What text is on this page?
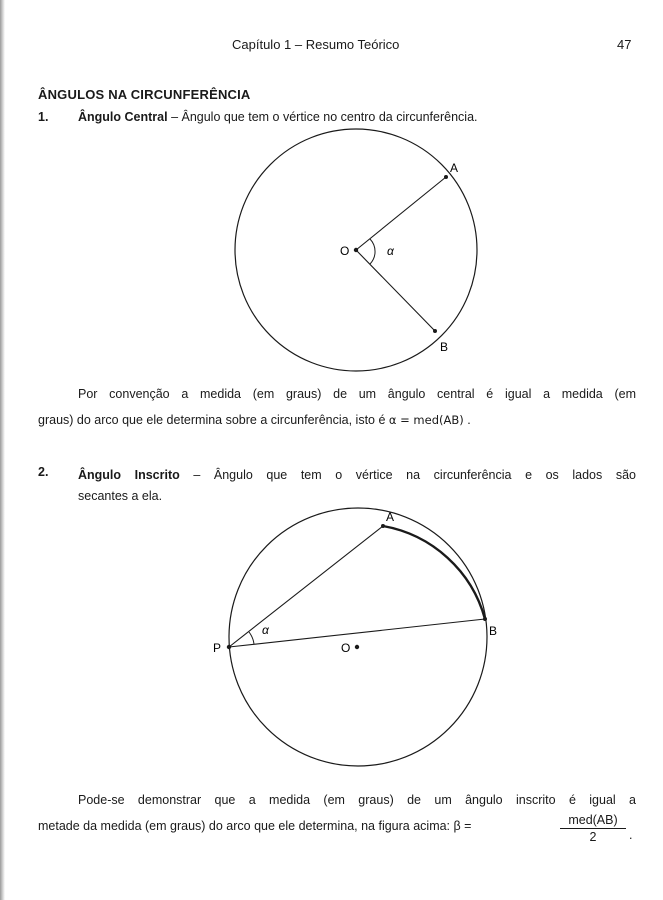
Capítulo 1 – Resumo Teórico	47
ÂNGULOS NA CIRCUNFERÊNCIA
1. Ângulo Central – Ângulo que tem o vértice no centro da circunferência.
A
B
O	α
A
B
P	O
α
Por convenção a medida (em graus) de um ângulo central é igual a medida (em
graus) do arco que ele determina sobre a circunferência, isto é α = med(AB) .
2. Ângulo Inscrito – Ângulo que tem o vértice na circunferência e os lados são
secantes a ela.
Pode-se demonstrar que a medida (em graus) de um ângulo inscrito é igual a
metade da medida (em graus) do arco que ele determina, na figura acima: β =	med(AB)
2	.
